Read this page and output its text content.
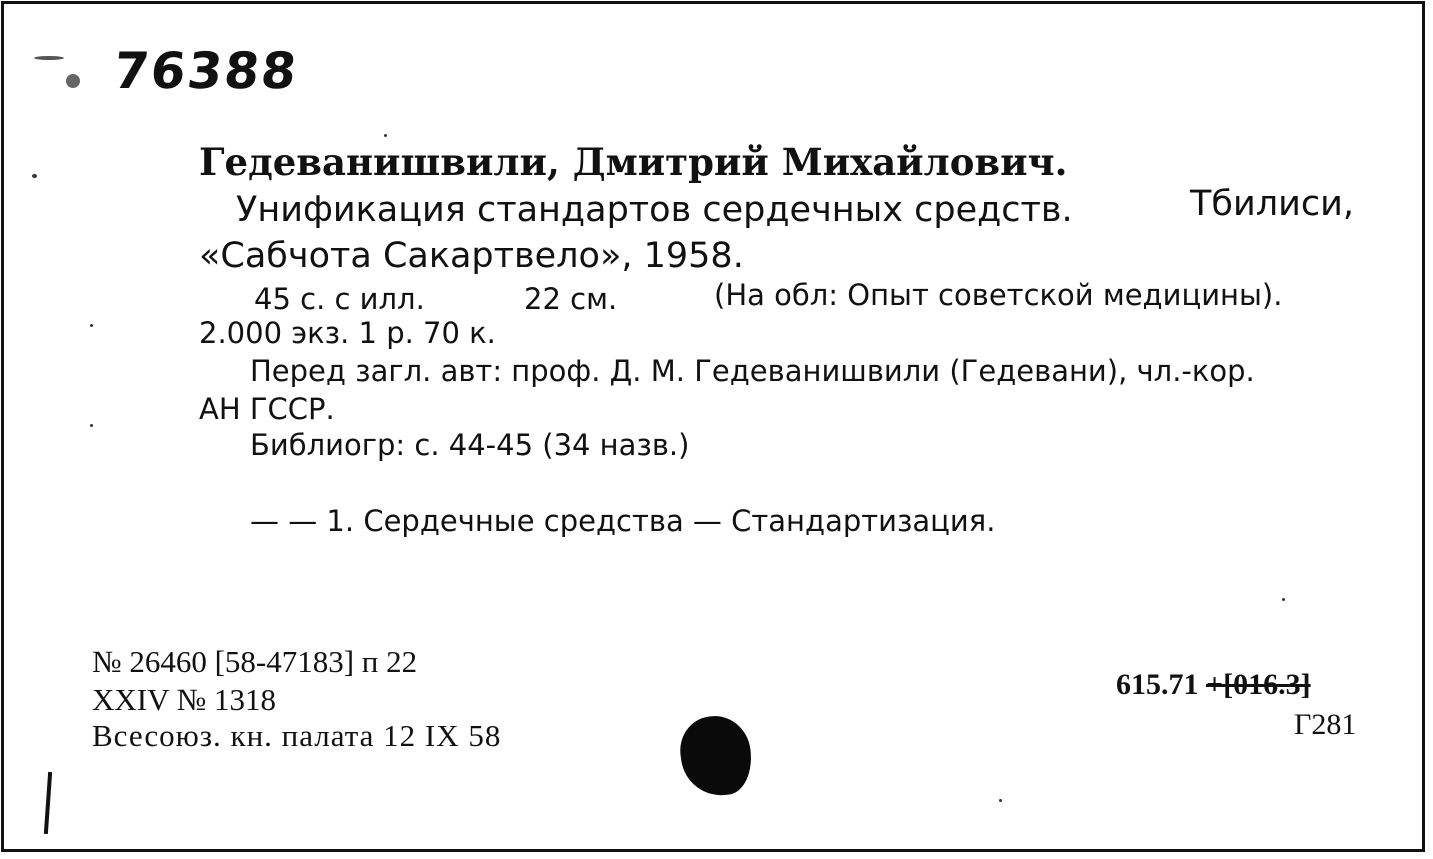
76388
Гедеванишвили, Дмитрий Михайлович.
Унификация стандартов сердечных средств.	Тбилиси,
«Сабчота Сакартвело», 1958.
45 с. с илл.	22 см.	(На обл: Опыт советской медицины).
2.000 экз. 1 р. 70 к.
Перед загл. авт: проф. Д. М. Гедеванишвили (Гедевани), чл.-кор.
АН ГССР.
Библиогр: с. 44-45 (34 назв.)
— — 1. Сердечные средства — Стандартизация.
№ 26460 [58-47183] п 22
XXIV № 1318
Всесоюз. кн. палата 12 IX 58
615.71 +[016.3]
Г281
